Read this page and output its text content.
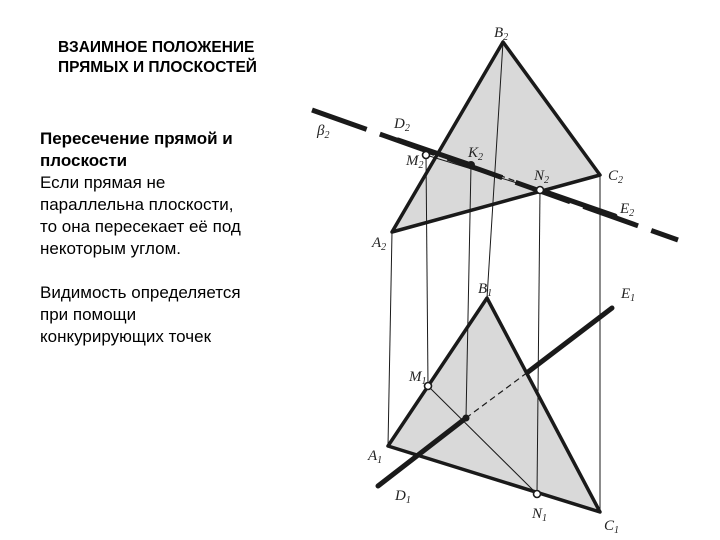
ВЗАИМНОЕ ПОЛОЖЕНИЕ
ПРЯМЫХ И ПЛОСКОСТЕЙ
Пересечение прямой и
плоскости
Если прямая не
параллельна плоскости,
то она пересекает её под
некоторым углом.
Видимость определяется
при помощи
конкурирующих точек
$B_2$
$\beta_2$
$D_2$
$M_2$
$K_2$
$N_2$	$C_2$
$E_2$
$A_2$
$B_1$	$E_1$
$M_1$
$A_1$
$D_1$
$N_1$	$C_1$
